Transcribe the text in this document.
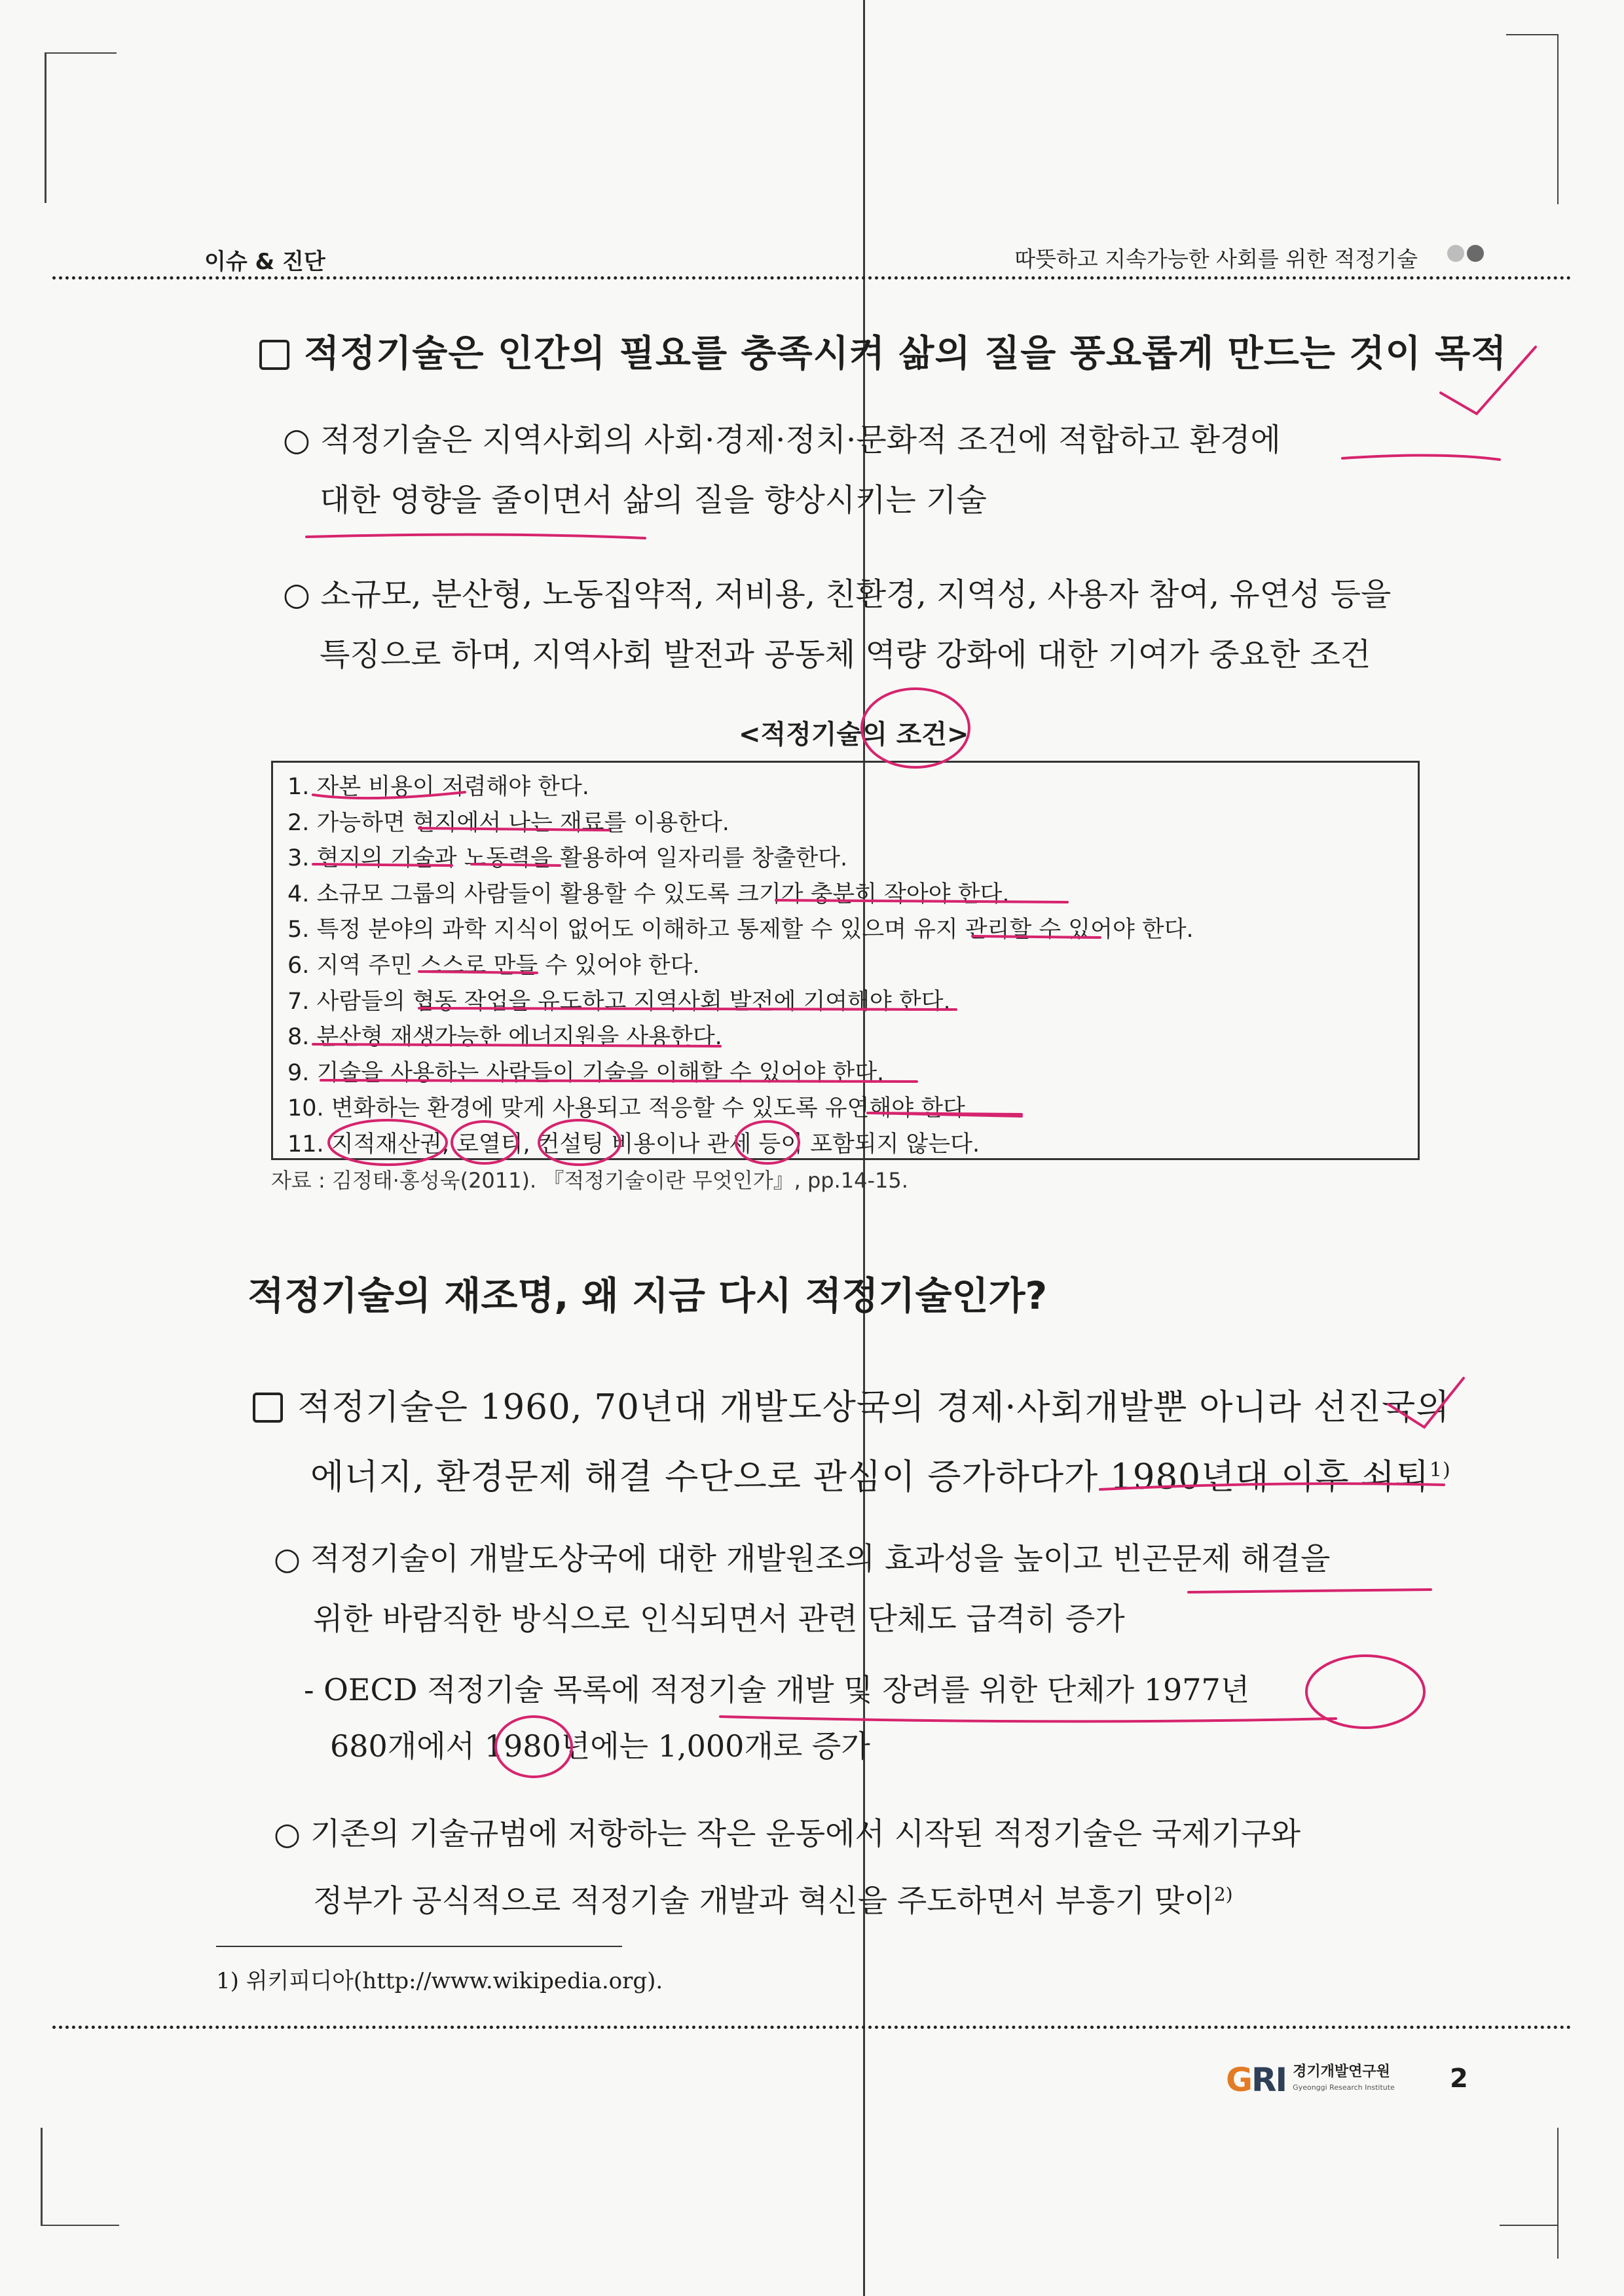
이슈 & 진단	따뜻하고 지속가능한 사회를 위한 적정기술
적정기술은 인간의 필요를 충족시켜 삶의 질을 풍요롭게 만드는 것이 목적
○ 적정기술은 지역사회의 사회·경제·정치·문화적 조건에 적합하고 환경에
대한 영향을 줄이면서 삶의 질을 향상시키는 기술
○ 소규모, 분산형, 노동집약적, 저비용, 친환경, 지역성, 사용자 참여, 유연성 등을
특징으로 하며, 지역사회 발전과 공동체 역량 강화에 대한 기여가 중요한 조건
<적정기술의 조건>
1. 자본 비용이 저렴해야 한다.
2. 가능하면 현지에서 나는 재료를 이용한다.
3. 현지의 기술과 노동력을 활용하여 일자리를 창출한다.
4. 소규모 그룹의 사람들이 활용할 수 있도록 크기가 충분히 작아야 한다.
5. 특정 분야의 과학 지식이 없어도 이해하고 통제할 수 있으며 유지 관리할 수 있어야 한다.
6. 지역 주민 스스로 만들 수 있어야 한다.
7. 사람들의 협동 작업을 유도하고 지역사회 발전에 기여해야 한다.
8. 분산형 재생가능한 에너지원을 사용한다.
9. 기술을 사용하는 사람들이 기술을 이해할 수 있어야 한다.
10. 변화하는 환경에 맞게 사용되고 적응할 수 있도록 유연해야 한다.
11. 지적재산권, 로열티, 컨설팅 비용이나 관세 등이 포함되지 않는다.
자료 : 김정태·홍성욱(2011). 『적정기술이란 무엇인가』, pp.14-15.
적정기술의 재조명, 왜 지금 다시 적정기술인가?
적정기술은 1960, 70년대 개발도상국의 경제·사회개발뿐 아니라 선진국의
에너지, 환경문제 해결 수단으로 관심이 증가하다가 1980년대 이후 쇠퇴$^{1)}$
○ 적정기술이 개발도상국에 대한 개발원조의 효과성을 높이고 빈곤문제 해결을
위한 바람직한 방식으로 인식되면서 관련 단체도 급격히 증가
- OECD 적정기술 목록에 적정기술 개발 및 장려를 위한 단체가 1977년
680개에서 1980년에는 1,000개로 증가
○ 기존의 기술규범에 저항하는 작은 운동에서 시작된 적정기술은 국제기구와
정부가 공식적으로 적정기술 개발과 혁신을 주도하면서 부흥기 맞이$^{2)}$
1) 위키피디아(http://www.wikipedia.org).
GRI 경기개발연구원
Gyeonggi Research Institute 2
